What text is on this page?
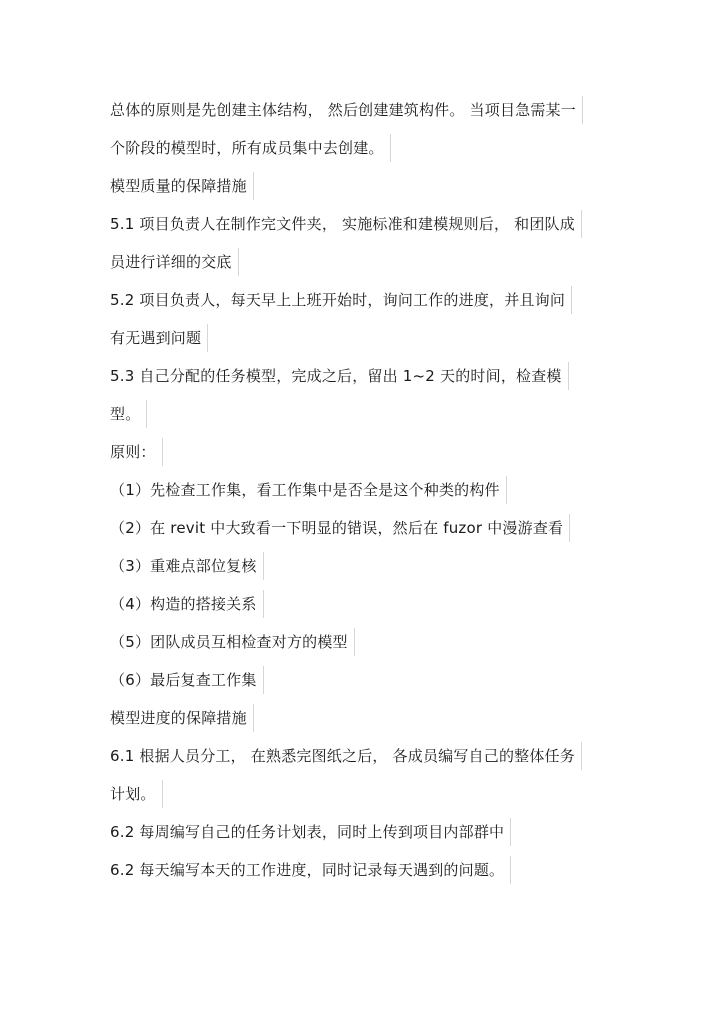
总体的原则是先创建主体结构， 然后创建建筑构件。 当项目急需某一
个阶段的模型时，所有成员集中去创建。
模型质量的保障措施
5.1 项目负责人在制作完文件夹， 实施标准和建模规则后， 和团队成
员进行详细的交底
5.2 项目负责人，每天早上上班开始时，询问工作的进度，并且询问
有无遇到问题
5.3 自己分配的任务模型，完成之后，留出 1~2 天的时间，检查模
型。
原则：
（1）先检查工作集，看工作集中是否全是这个种类的构件
（2）在 revit 中大致看一下明显的错误，然后在 fuzor 中漫游查看
（3）重难点部位复核
（4）构造的搭接关系
（5）团队成员互相检查对方的模型
（6）最后复查工作集
模型进度的保障措施
6.1 根据人员分工， 在熟悉完图纸之后， 各成员编写自己的整体任务
计划。
6.2 每周编写自己的任务计划表，同时上传到项目内部群中
6.2 每天编写本天的工作进度，同时记录每天遇到的问题。
